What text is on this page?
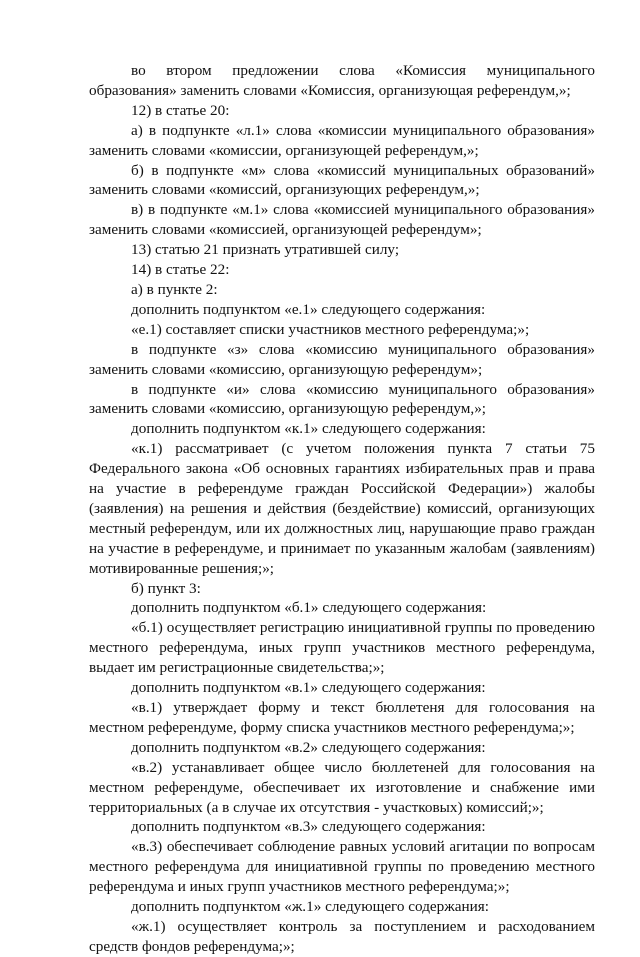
во втором предложении слова «Комиссия муниципального образования» заменить словами «Комиссия, организующая референдум,»;

12) в статье 20:

а) в подпункте «л.1» слова «комиссии муниципального образования» заменить словами «комиссии, организующей референдум,»;

б) в подпункте «м» слова «комиссий муниципальных образований» заменить словами «комиссий, организующих референдум,»;

в) в подпункте «м.1» слова «комиссией муниципального образования» заменить словами «комиссией, организующей референдум»;

13) статью 21 признать утратившей силу;

14) в статье 22:

а) в пункте 2:

дополнить подпунктом «е.1» следующего содержания:

«е.1) составляет списки участников местного референдума;»;

в подпункте «з» слова «комиссию муниципального образования» заменить словами «комиссию, организующую референдум»;

в подпункте «и» слова «комиссию муниципального образования» заменить словами «комиссию, организующую референдум,»;

дополнить подпунктом «к.1» следующего содержания:

«к.1) рассматривает (с учетом положения пункта 7 статьи 75 Федерального закона «Об основных гарантиях избирательных прав и права на участие в референдуме граждан Российской Федерации») жалобы (заявления) на решения и действия (бездействие) комиссий, организующих местный референдум, или их должностных лиц, нарушающие право граждан на участие в референдуме, и принимает по указанным жалобам (заявлениям) мотивированные решения;»;

б) пункт 3:

дополнить подпунктом «б.1» следующего содержания:

«б.1) осуществляет регистрацию инициативной группы по проведению местного референдума, иных групп участников местного референдума, выдает им регистрационные свидетельства;»;

дополнить подпунктом «в.1» следующего содержания:

«в.1) утверждает форму и текст бюллетеня для голосования на местном референдуме, форму списка участников местного референдума;»;

дополнить подпунктом «в.2» следующего содержания:

«в.2) устанавливает общее число бюллетеней для голосования на местном референдуме, обеспечивает их изготовление и снабжение ими территориальных (а в случае их отсутствия - участковых) комиссий;»;

дополнить подпунктом «в.3» следующего содержания:

«в.3) обеспечивает соблюдение равных условий агитации по вопросам местного референдума для инициативной группы по проведению местного референдума и иных групп участников местного референдума;»;

дополнить подпунктом «ж.1» следующего содержания:

«ж.1) осуществляет контроль за поступлением и расходованием средств фондов референдума;»;
